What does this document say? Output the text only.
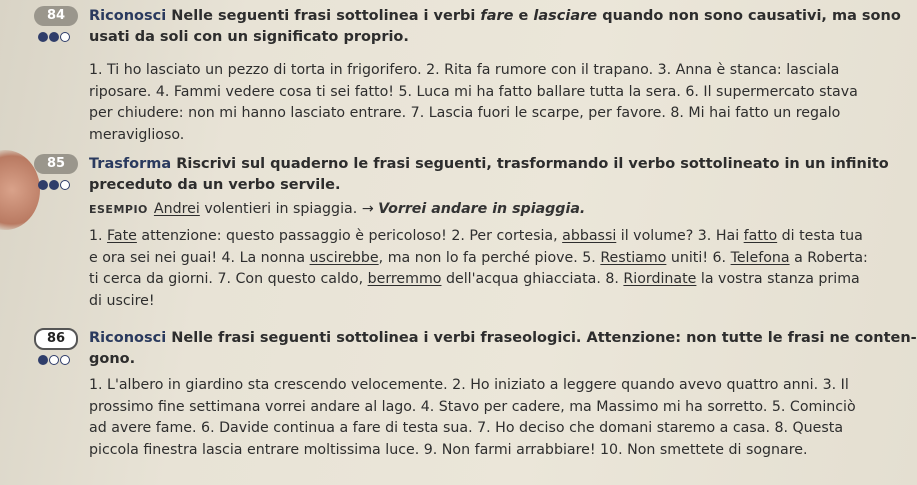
84	Riconosci Nelle seguenti frasi sottolinea i verbi fare e lasciare quando non sono causativi, ma sono
usati da soli con un significato proprio.
1. Ti ho lasciato un pezzo di torta in frigorifero. 2. Rita fa rumore con il trapano. 3. Anna è stanca: lasciala
riposare. 4. Fammi vedere cosa ti sei fatto! 5. Luca mi ha fatto ballare tutta la sera. 6. Il supermercato stava
per chiudere: non mi hanno lasciato entrare. 7. Lascia fuori le scarpe, per favore. 8. Mi hai fatto un regalo
meraviglioso.
85	Trasforma Riscrivi sul quaderno le frasi seguenti, trasformando il verbo sottolineato in un infinito
preceduto da un verbo servile.
ESEMPIO Andrei volentieri in spiaggia. → Vorrei andare in spiaggia.
1. Fate attenzione: questo passaggio è pericoloso! 2. Per cortesia, abbassi il volume? 3. Hai fatto di testa tua
e ora sei nei guai! 4. La nonna uscirebbe, ma non lo fa perché piove. 5. Restiamo uniti! 6. Telefona a Roberta:
ti cerca da giorni. 7. Con questo caldo, berremmo dell'acqua ghiacciata. 8. Riordinate la vostra stanza prima
di uscire!
86	Riconosci Nelle frasi seguenti sottolinea i verbi fraseologici. Attenzione: non tutte le frasi ne conten-
gono.
1. L'albero in giardino sta crescendo velocemente. 2. Ho iniziato a leggere quando avevo quattro anni. 3. Il
prossimo fine settimana vorrei andare al lago. 4. Stavo per cadere, ma Massimo mi ha sorretto. 5. Cominciò
ad avere fame. 6. Davide continua a fare di testa sua. 7. Ho deciso che domani staremo a casa. 8. Questa
piccola finestra lascia entrare moltissima luce. 9. Non farmi arrabbiare! 10. Non smettete di sognare.
